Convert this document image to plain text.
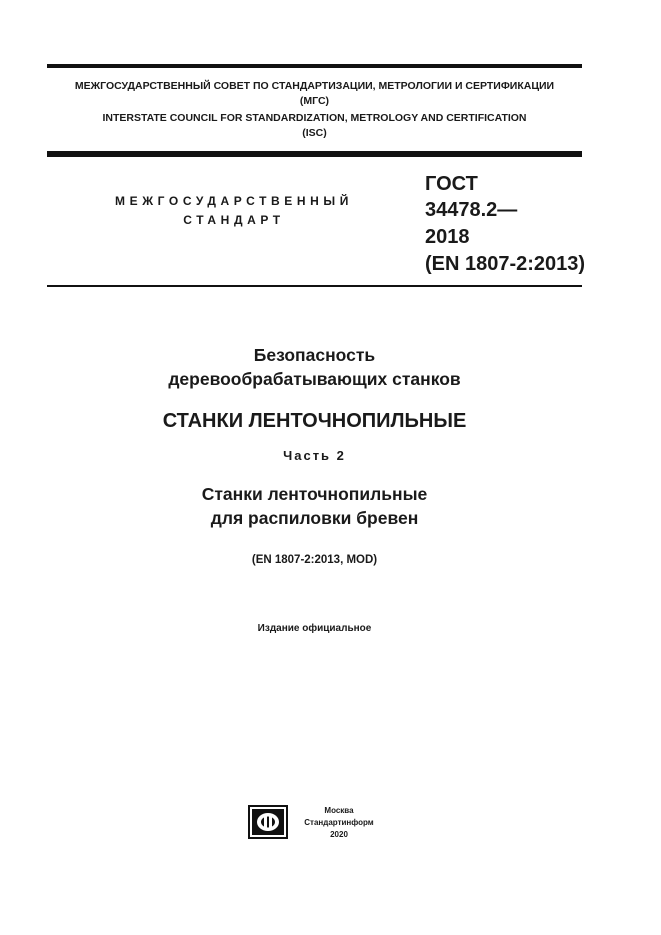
МЕЖГОСУДАРСТВЕННЫЙ СОВЕТ ПО СТАНДАРТИЗАЦИИ, МЕТРОЛОГИИ И СЕРТИФИКАЦИИ
(МГС)
INTERSTATE COUNCIL FOR STANDARDIZATION, METROLOGY AND CERTIFICATION
(ISC)
МЕЖГОСУДАРСТВЕННЫЙ
СТАНДАРТ
ГОСТ
34478.2—
2018
(EN 1807-2:2013)
Безопасность
деревообрабатывающих станков
СТАНКИ ЛЕНТОЧНОПИЛЬНЫЕ
Часть 2
Станки ленточнопильные
для распиловки бревен
(EN 1807-2:2013, MOD)
Издание официальное
Москва
Стандартинформ
2020
